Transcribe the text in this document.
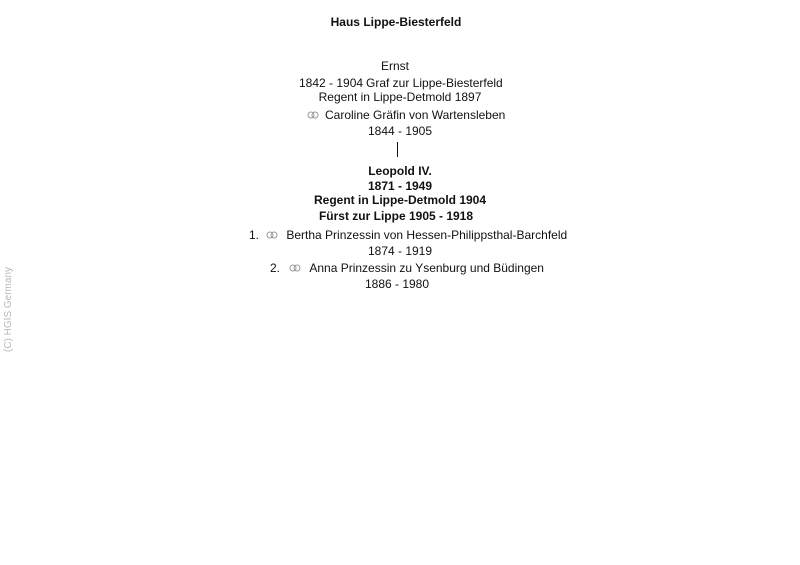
Haus Lippe-Biesterfeld
Ernst
1842 - 1904 Graf zur Lippe-Biesterfeld
Regent in Lippe-Detmold 1897
Caroline Gräfin von Wartensleben
1844 - 1905
Leopold IV.
1871 - 1949
Regent in Lippe-Detmold 1904
Fürst zur Lippe 1905 - 1918
1. Bertha Prinzessin von Hessen-Philippsthal-Barchfeld
1874 - 1919
2. Anna Prinzessin zu Ysenburg und Büdingen
1886 - 1980
(C) HGIS Germany
